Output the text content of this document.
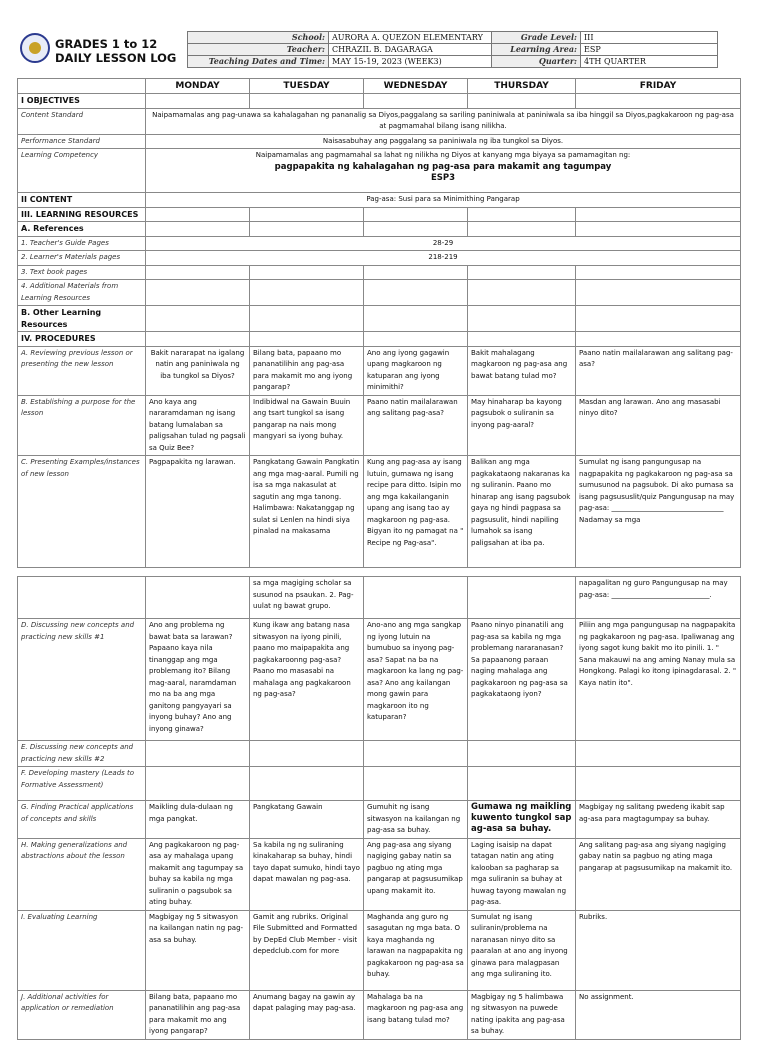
GRADES 1 to 12
DAILY LESSON LOG
School:	AURORA A. QUEZON ELEMENTARY	Grade Level:	III
Teacher:	CHRAZIL B. DAGARAGA	Learning Area:	ESP
Teaching Dates and Time:	MAY 15-19, 2023 (WEEK3)	Quarter:	4TH QUARTER
	MONDAY	TUESDAY	WEDNESDAY	THURSDAY	FRIDAY
I OBJECTIVES					
Content Standard	Naipamamalas ang pag-unawa sa kahalagahan ng pananalig sa Diyos,paggalang sa sariling paniniwala at paniniwala sa iba hinggil sa Diyos,pagkakaroon ng pag-asa at pagmamahal bilang isang nilikha.				
Performance Standard	Naisasabuhay ang paggalang sa paniniwala ng iba tungkol sa Diyos.				
Learning Competency	Naipamamalas ang pagmamahal sa lahat ng nilikha ng Diyos at kanyang mga biyaya sa pamamagitan ng:
pagpapakita ng kahalagahan ng pag-asa para makamit ang tagumpay
ESP3				

II CONTENT	Pag-asa: Susi para sa Minimithing Pangarap				
III. LEARNING RESOURCES					
A. References					
1. Teacher's Guide Pages	28-29				
2. Learner's Materials pages	218-219				
3. Text book pages					
4. Additional Materials from Learning Resources					
B. Other Learning Resources					
IV. PROCEDURES					
A. Reviewing previous lesson or presenting the new lesson	Bakit nararapat na igalang natin ang paniniwala ng iba tungkol sa Diyos?	Bilang bata, papaano mo pananatilihin ang pag-asa para makamit mo ang iyong pangarap?	Ano ang iyong gagawin upang magkaroon ng katuparan ang iyong minimithi?	Bakit mahalagang magkaroon ng pag-asa ang bawat batang tulad mo?	Paano natin mailalarawan ang salitang pag-asa?
B. Establishing a purpose for the lesson	Ano kaya ang nararamdaman ng isang batang lumalaban sa paligsahan tulad ng pagsali sa Quiz Bee?	Indibidwal na Gawain Buuin ang tsart tungkol sa isang pangarap na nais mong mangyari sa iyong buhay.	Paano natin mailalarawan ang salitang pag-asa?	May hinaharap ba kayong pagsubok o suliranin sa inyong pag-aaral?	Masdan ang larawan. Ano ang masasabi ninyo dito?
C. Presenting Examples/instances of new lesson	Pagpapakita ng larawan.	Pangkatang Gawain Pangkatin ang mga mag-aaral. Pumili ng isa sa mga nakasulat at sagutin ang mga tanong. Halimbawa: Nakatanggap ng sulat si Lenlen na hindi siya pinalad na makasama	Kung ang pag-asa ay isang lutuin, gumawa ng isang recipe para ditto. Isipin mo ang mga kakailanganin upang ang isang tao ay magkaroon ng pag-asa. Bigyan ito ng pamagat na " Recipe ng Pag-asa".	Balikan ang mga pagkakataong nakaranas ka ng suliranin. Paano mo hinarap ang isang pagsubok gaya ng hindi pagpasa sa pagsusulit, hindi napiling lumahok sa isang paligsahan at iba pa.	Sumulat ng isang pangungusap na nagpapakita ng pagkakaroon ng pag-asa sa sumusunod na pagsubok. Di ako pumasa sa isang pagsususlit/quiz Pangungusap na may pag-asa: ________________________________ Nadamay sa mga
		sa mga magiging scholar sa susunod na psaukan. 2. Pag-uulat ng bawat grupo.			napagalitan ng guro Pangungusap na may pag-asa: ____________________________.
D. Discussing new concepts and practicing new skills #1	Ano ang problema ng bawat bata sa larawan? Papaano kaya nila tinanggap ang mga problemang ito? Bilang mag-aaral, naramdaman mo na ba ang mga ganitong pangyayari sa inyong buhay? Ano ang inyong ginawa?	Kung ikaw ang batang nasa sitwasyon na iyong pinili, paano mo maipapakita ang pagkakaroonng pag-asa? Paano mo masasabi na mahalaga ang pagkakaroon ng pag-asa?	Ano-ano ang mga sangkap ng iyong lutuin na bumubuo sa inyong pag-asa? Sapat na ba na magkaroon ka lang ng pag-asa? Ano ang kailangan mong gawin para magkaroon ito ng katuparan?	Paano ninyo pinanatili ang pag-asa sa kabila ng mga problemang nararanasan? Sa papaanong paraan naging mahalaga ang pagkakaroon ng pag-asa sa pagkakataong iyon?	Piliin ang mga pangungusap na nagpapakita ng pagkakaroon ng pag-asa. Ipaliwanag ang iyong sagot kung bakit mo ito pinili. 1. " Sana makauwi na ang aming Nanay mula sa Hongkong. Palagi ko itong ipinagdarasal. 2. " Kaya natin ito".
E. Discussing new concepts and practicing new skills #2					
F. Developing mastery (Leads to Formative Assessment)					
G. Finding Practical applications of concepts and skills	Maikling dula-dulaan ng mga pangkat.	Pangkatang Gawain	Gumuhit ng isang sitwasyon na kailangan ng pag-asa sa buhay.	Gumawa ng maikling kuwento tungkol sap ag-asa sa buhay.	Magbigay ng salitang pwedeng ikabit sap ag-asa para magtagumpay sa buhay.
H. Making generalizations and abstractions about the lesson	Ang pagkakaroon ng pag-asa ay mahalaga upang makamit ang tagumpay sa buhay sa kabila ng mga suliranin o pagsubok sa ating buhay.	Sa kabila ng ng suliraning kinakaharap sa buhay, hindi tayo dapat sumuko, hindi tayo dapat mawalan ng pag-asa.	Ang pag-asa ang siyang nagiging gabay natin sa pagbuo ng ating mga pangarap at pagsusumikap upang makamit ito.	Laging isaisip na dapat tatagan natin ang ating kalooban sa pagharap sa mga suliranin sa buhay at huwag tayong mawalan ng pag-asa.	Ang salitang pag-asa ang siyang nagiging gabay natin sa pagbuo ng ating maga pangarap at pagsusumikap na makamit ito.
I. Evaluating Learning	Magbigay ng 5 sitwasyon na kailangan natin ng pag-asa sa buhay.	Gamit ang rubriks. Original File Submitted and Formatted by DepEd Club Member - visit depedclub.com for more	Maghanda ang guro ng sasagutan ng mga bata. O kaya maghanda ng larawan na nagpapakita ng pagkakaroon ng pag-asa sa buhay.	Sumulat ng isang suliranin/problema na naranasan ninyo dito sa paaralan at ano ang inyong ginawa para malagpasan ang mga suliraning ito.	Rubriks.
J. Additional activities for application or remediation	Bilang bata, papaano mo pananatilihin ang pag-asa para makamit mo ang iyong pangarap?	Anumang bagay na gawin ay dapat palaging may pag-asa.	Mahalaga ba na magkaroon ng pag-asa ang isang batang tulad mo?	Magbigay ng 5 halimbawa ng sitwasyon na puwede nating ipakita ang pag-asa sa buhay.	No assignment.
